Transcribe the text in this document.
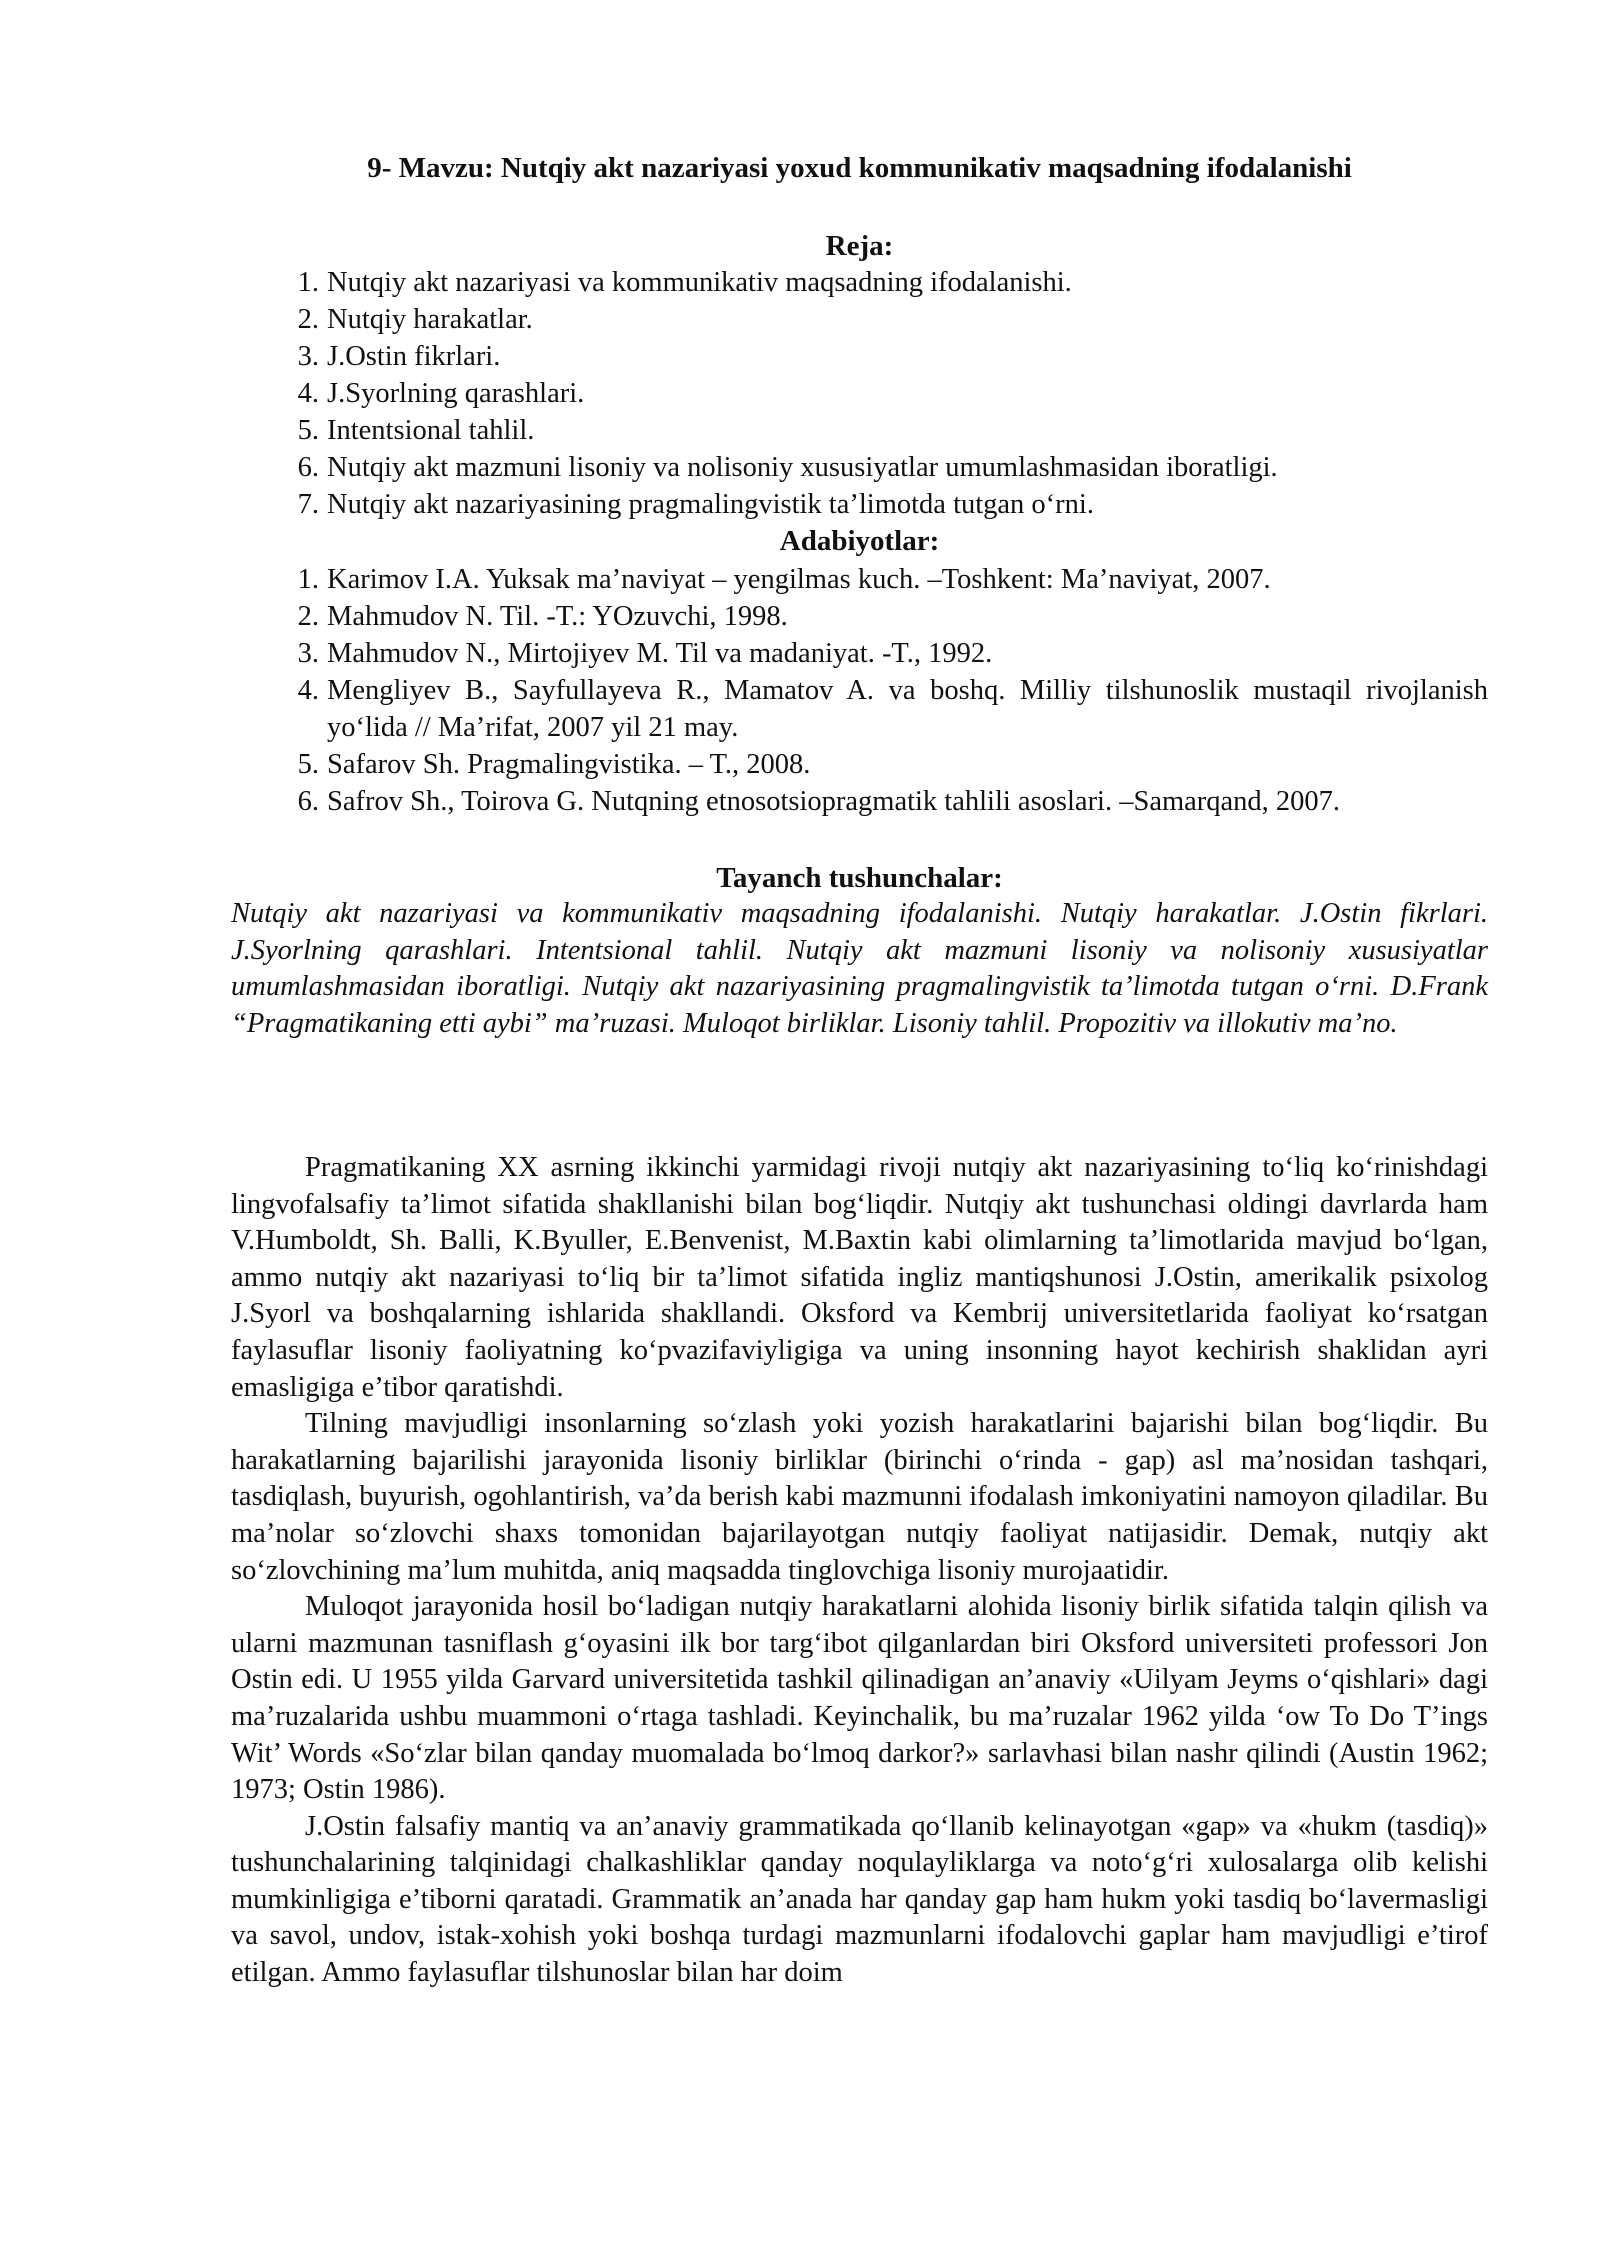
9- Mavzu: Nutqiy akt nazariyasi yoxud kommunikativ maqsadning ifodalanishi
Reja:
1. Nutqiy akt nazariyasi va kommunikativ maqsadning ifodalanishi.
2. Nutqiy harakatlar.
3. J.Ostin fikrlari.
4. J.Syorlning qarashlari.
5. Intentsional tahlil.
6. Nutqiy akt mazmuni lisoniy va nolisoniy xususiyatlar umumlashmasidan iboratligi.
7. Nutqiy akt nazariyasining pragmalingvistik ta’limotda tutgan o‘rni.
Adabiyotlar:
1. Karimov I.A. Yuksak ma’naviyat – yengilmas kuch. –Toshkent: Ma’naviyat, 2007.
2. Mahmudov N. Til. -T.: YOzuvchi, 1998.
3. Mahmudov N., Mirtojiyev M. Til va madaniyat. -T., 1992.
4. Mengliyev B., Sayfullayeva R., Mamatov A. va boshq. Milliy tilshunoslik mustaqil rivojlanish yo‘lida // Ma’rifat, 2007 yil 21 may.
5. Safarov Sh. Pragmalingvistika. – T., 2008.
6. Safrov Sh., Toirova G. Nutqning etnosotsiopragmatik tahlili asoslari. –Samarqand, 2007.
Tayanch tushunchalar:

Nutqiy akt nazariyasi va kommunikativ maqsadning ifodalanishi. Nutqiy harakatlar. J.Ostin fikrlari. J.Syorlning qarashlari. Intentsional tahlil. Nutqiy akt mazmuni lisoniy va nolisoniy xususiyatlar umumlashmasidan iboratligi. Nutqiy akt nazariyasining pragmalingvistik ta’limotda tutgan o‘rni. D.Frank “Pragmatikaning etti aybi” ma’ruzasi. Muloqot birliklar. Lisoniy tahlil. Propozitiv va illokutiv ma’no.

Pragmatikaning XX asrning ikkinchi yarmidagi rivoji nutqiy akt nazariyasining to‘liq ko‘rinishdagi lingvofalsafiy ta’limot sifatida shakllanishi bilan bog‘liqdir. Nutqiy akt tushunchasi oldingi davrlarda ham V.Humboldt, Sh. Balli, K.Byuller, E.Benvenist, M.Baxtin kabi olimlarning ta’limotlarida mavjud bo‘lgan, ammo nutqiy akt nazariyasi to‘liq bir ta’limot sifatida ingliz mantiqshunosi J.Ostin, amerikalik psixolog J.Syorl va boshqalarning ishlarida shakllandi. Oksford va Kembrij universitetlarida faoliyat ko‘rsatgan faylasuflar lisoniy faoliyatning ko‘pvazifaviyligiga va uning insonning hayot kechirish shaklidan ayri emasligiga e’tibor qaratishdi.

Tilning mavjudligi insonlarning so‘zlash yoki yozish harakatlarini bajarishi bilan bog‘liqdir. Bu harakatlarning bajarilishi jarayonida lisoniy birliklar (birinchi o‘rinda - gap) asl ma’nosidan tashqari, tasdiqlash, buyurish, ogohlantirish, va’da berish kabi mazmunni ifodalash imkoniyatini namoyon qiladilar. Bu ma’nolar so‘zlovchi shaxs tomonidan bajarilayotgan nutqiy faoliyat natijasidir. Demak, nutqiy akt so‘zlovchining ma’lum muhitda, aniq maqsadda tinglovchiga lisoniy murojaatidir.

Muloqot jarayonida hosil bo‘ladigan nutqiy harakatlarni alohida lisoniy birlik sifatida talqin qilish va ularni mazmunan tasniflash g‘oyasini ilk bor targ‘ibot qilganlardan biri Oksford universiteti professori Jon Ostin edi. U 1955 yilda Garvard universitetida tashkil qilinadigan an’anaviy «Uilyam Jeyms o‘qishlari» dagi ma’ruzalarida ushbu muammoni o‘rtaga tashladi. Keyinchalik, bu ma’ruzalar 1962 yilda ‘ow To Do T’ings Wit’ Words «So‘zlar bilan qanday muomalada bo‘lmoq darkor?» sarlavhasi bilan nashr qilindi (Austin 1962; 1973; Ostin 1986).

J.Ostin falsafiy mantiq va an’anaviy grammatikada qo‘llanib kelinayotgan «gap» va «hukm (tasdiq)» tushunchalarining talqinidagi chalkashliklar qanday noqulayliklarga va noto‘g‘ri xulosalarga olib kelishi mumkinligiga e’tiborni qaratadi. Grammatik an’anada har qanday gap ham hukm yoki tasdiq bo‘lavermasligi va savol, undov, istak-xohish yoki boshqa turdagi mazmunlarni ifodalovchi gaplar ham mavjudligi e’tirof etilgan. Ammo faylasuflar tilshunoslar bilan har doim
